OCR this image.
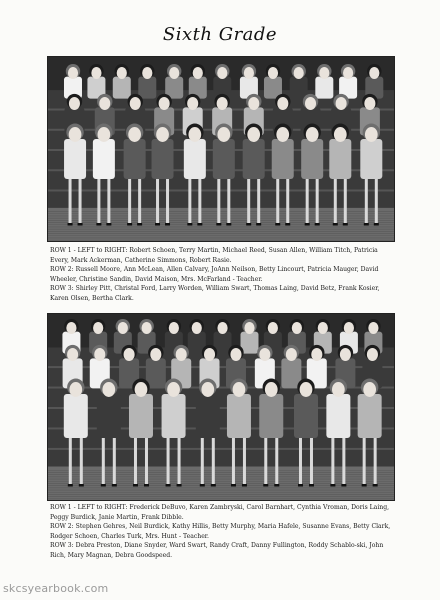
Sixth Grade

ROW 1 - LEFT to RIGHT: Robert Schoen, Terry Martin, Michael Reed, Susan Allen, William Titch, Patricia Every, Mark Ackerman, Catherine Simmons, Robert Rasie.

ROW 2: Russell Moore, Ann McLean, Allen Calvary, JoAnn Neilson, Betty Lincourt, Patricia Mauger, David Wheeler, Christine Sandin, David Maison, Mrs. McFarland - Teacher.

ROW 3: Shirley Pitt, Christal Ford, Larry Worden, William Swart, Thomas Laing, David Betz, Frank Kosier, Karen Olsen, Bertha Clark.

ROW 1 - LEFT to RIGHT: Frederick DeBuvo, Karen Zambryski, Carol Barnhart, Cynthia Vroman, Doris Laing, Peggy Burdick, Janie Martin, Frank Dibble.

ROW 2: Stephen Gehres, Neil Burdick, Kathy Hillis, Betty Murphy, Maria Hafele, Susanne Evans, Betty Clark, Rodger Schoen, Charles Turk, Mrs. Hunt - Teacher.

ROW 3: Debra Preston, Diane Snyder, Ward Swart, Randy Craft, Danny Fullington, Roddy Schablo-ski, John Rich, Mary Magnan, Debra Goodspeed.

skcsyearbook.com
